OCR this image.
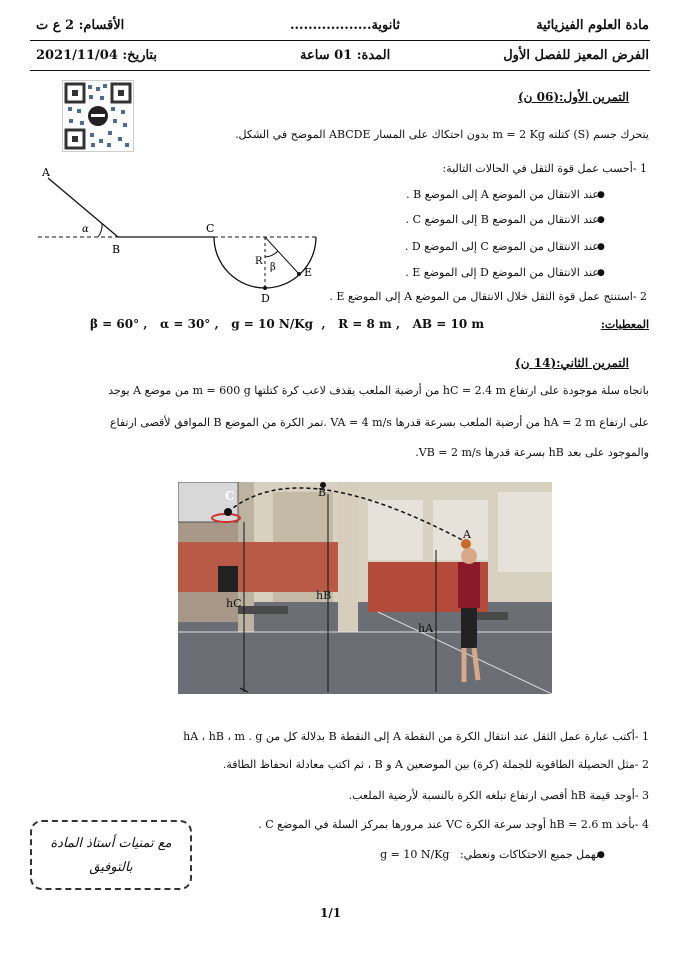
مادة العلوم الفيزيائية
ثانوية..................
الأقسام: 2 ع ت
الفرض المعيز للفصل الأول
المدة: 01 ساعة
بتاريخ: 2021/11/04
التمرين الأول:(06 ن)
يتحرك جسم (S) كتلته m = 2 Kg بدون احتكاك على المسار ABCDE الموضح في الشكل.
1 -أحسب عمل قوة الثقل في الحالات التالية:
عند الانتقال من الموضع A إلى الموضع B .
●
عند الانتقال من الموضع B إلى الموضع C .
●
عند الانتقال من الموضع C إلى الموضع D .
●
عند الانتقال من الموضع D إلى الموضع E .
●
2 -استنتج عمل قوة الثقل خلال الانتقال من الموضع A إلى الموضع E .
A
B
C
D
E
α
β
R
المعطيات:
β = 60° ,   α = 30° ,   g = 10 N/Kg  ,   R = 8 m ,   AB = 10 m
التمرين الثاني:(14 ن)
باتجاه سلة موجودة على ارتفاع hC = 2.4 m من أرضية الملعب يقذف لاعب كرة كتلتها m = 600 g من موضع A يوجد
على ارتفاع hA = 2 m من أرضية الملعب بسرعة قدرها VA = 4 m/s .تمر الكرة من الموضع B الموافق لأقصى ارتفاع
والموجود على بعد hB بسرعة قدرها VB = 2 m/s.
C	B
A
hC
hB
hA
1 -أكتب عبارة عمل الثقل عند انتقال الكرة من النقطة A إلى النقطة B بدلالة كل من hA ، hB ، m . g
2 -مثل الحصيلة الطاقوية للجملة (كرة) بين الموضعين A و B ، ثم اكتب معادلة انحفاظ الطاقة.
3 -أوجد قيمة hB أقصى ارتفاع تبلغه الكرة بالنسبة لأرضية الملعب.
4 -بأخذ hB = 2.6 m أوجد سرعة الكرة VC عند مرورها بمركز السلة في الموضع C .
تهمل جميع الاحتكاكات ونعطي:   g = 10 N/Kg
●
مع تمنيات أستاذ المادة
بالتوفيق
1/1
